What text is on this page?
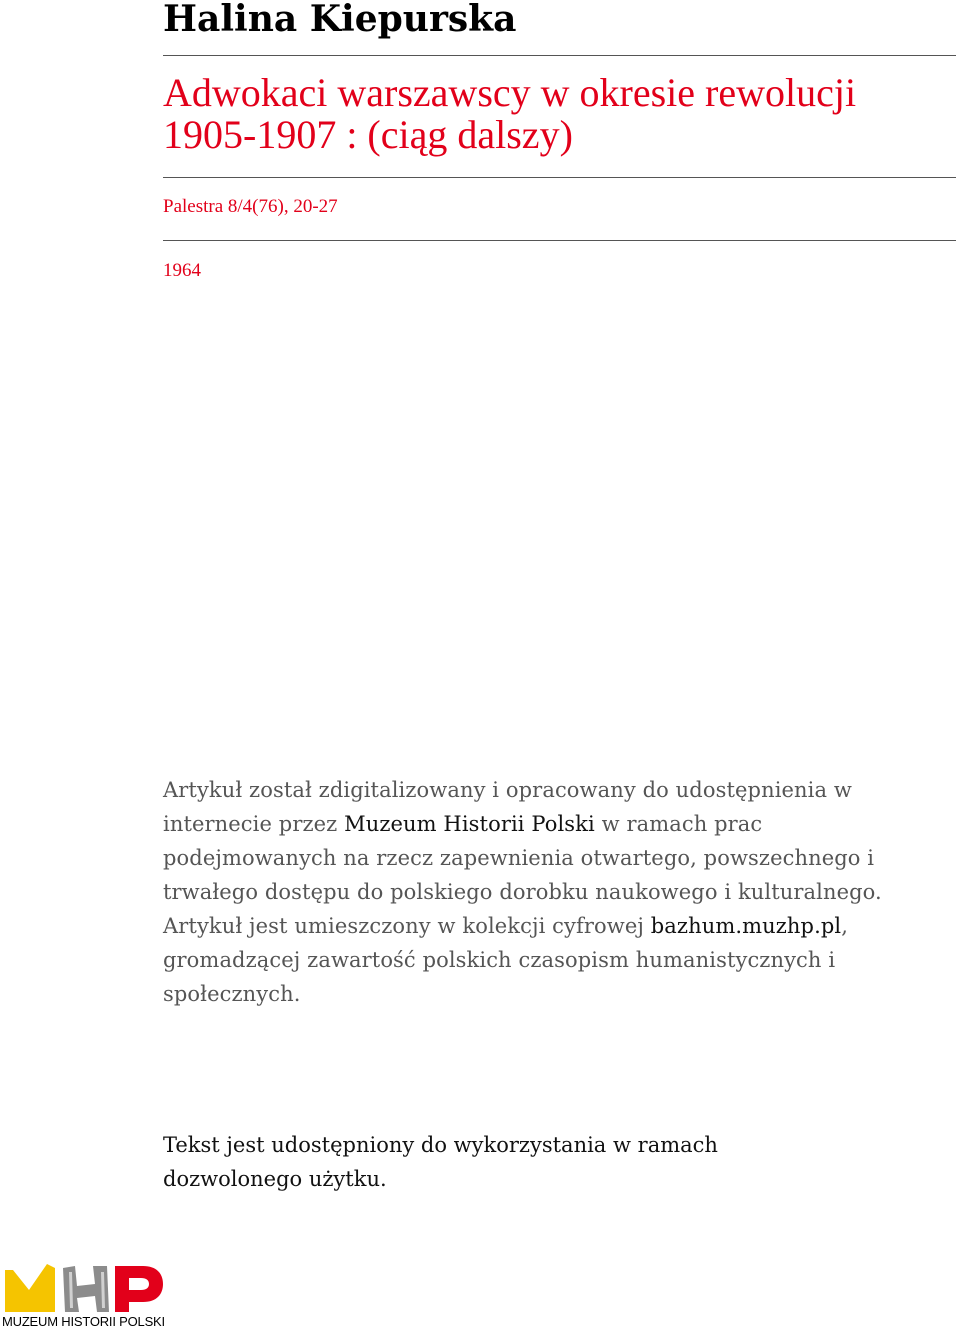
Halina Kiepurska
Adwokaci warszawscy w okresie rewolucji 1905-1907 : (ciąg dalszy)
Palestra 8/4(76), 20-27
1964

Artykuł został zdigitalizowany i opracowany do udostępnienia w internecie przez Muzeum Historii Polski w ramach prac podejmowanych na rzecz zapewnienia otwartego, powszechnego i trwałego dostępu do polskiego dorobku naukowego i kulturalnego. Artykuł jest umieszczony w kolekcji cyfrowej bazhum.muzhp.pl, gromadzącej zawartość polskich czasopism humanistycznych i społecznych.

Tekst jest udostępniony do wykorzystania w ramach dozwolonego użytku.

MUZEUM HISTORII POLSKI
